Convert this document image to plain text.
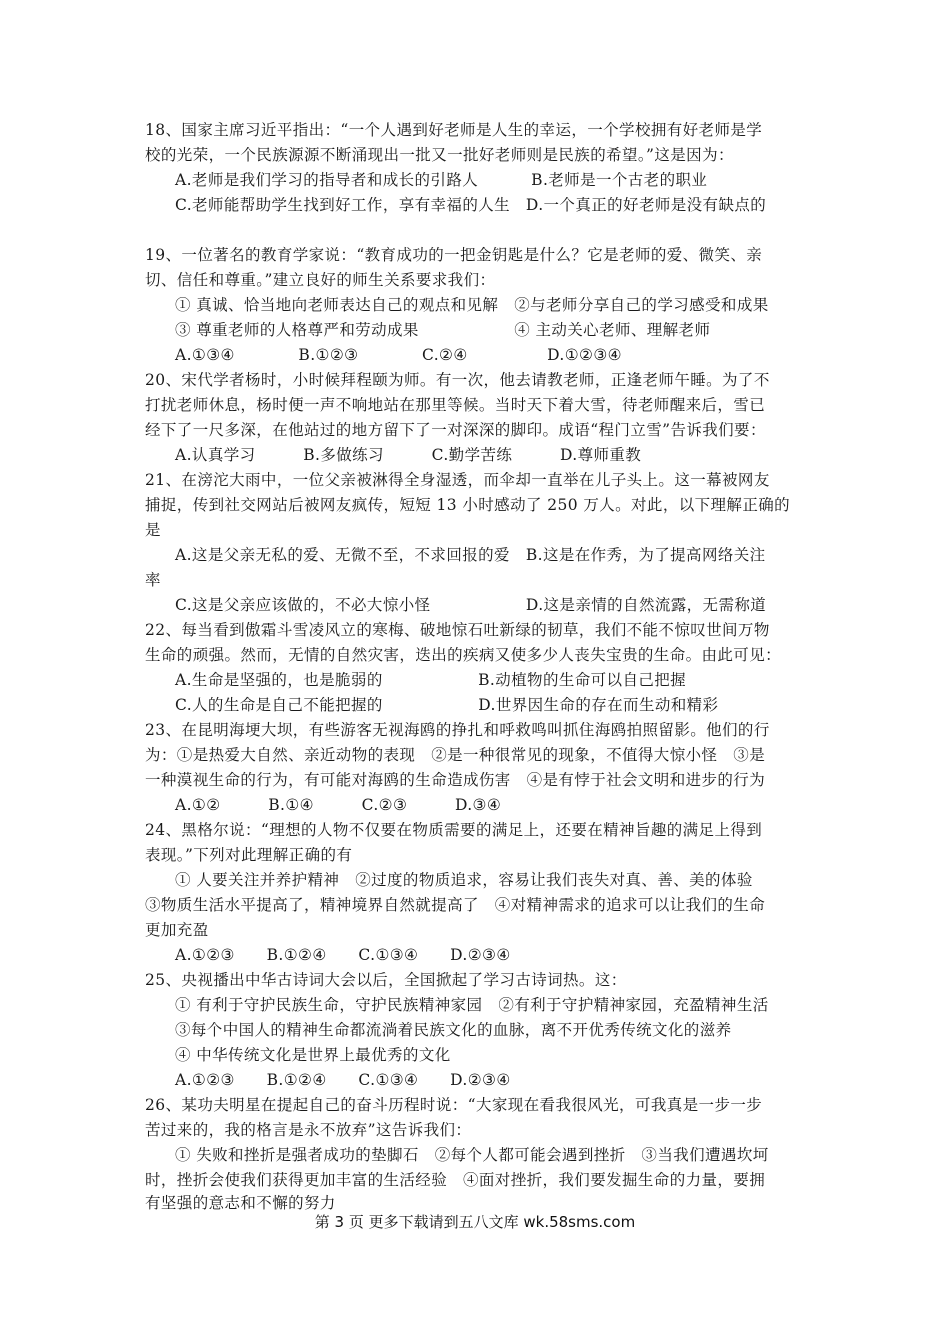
18、国家主席习近平指出：“一个人遇到好老师是人生的幸运，一个学校拥有好老师是学
校的光荣，一个民族源源不断涌现出一批又一批好老师则是民族的希望。”这是因为：
A.老师是我们学习的指导者和成长的引路人　　　 B.老师是一个古老的职业
C.老师能帮助学生找到好工作，享有幸福的人生　D.一个真正的好老师是没有缺点的
19、一位著名的教育学家说：“教育成功的一把金钥匙是什么？它是老师的爱、微笑、亲
切、信任和尊重。”建立良好的师生关系要求我们：
① 真诚、恰当地向老师表达自己的观点和见解　②与老师分享自己的学习感受和成果
③ 尊重老师的人格尊严和劳动成果　　　　　　④ 主动关心老师、理解老师
A.①③④　　　　B.①②③　　　　C.②④　　　　　D.①②③④
20、宋代学者杨时，小时候拜程颐为师。有一次，他去请教老师，正逢老师午睡。为了不
打扰老师休息，杨时便一声不响地站在那里等候。当时天下着大雪，待老师醒来后，雪已
经下了一尺多深，在他站过的地方留下了一对深深的脚印。成语“程门立雪”告诉我们要：
A.认真学习　　　B.多做练习　　　C.勤学苦练　　　D.尊师重教
21、在滂沱大雨中，一位父亲被淋得全身湿透，而伞却一直举在儿子头上。这一幕被网友
捕捉，传到社交网站后被网友疯传，短短 13 小时感动了 250 万人。对此，以下理解正确的
是
A.这是父亲无私的爱、无微不至，不求回报的爱　B.这是在作秀，为了提高网络关注
率
C.这是父亲应该做的，不必大惊小怪　　　　　　D.这是亲情的自然流露，无需称道
22、每当看到傲霜斗雪凌风立的寒梅、破地惊石吐新绿的韧草，我们不能不惊叹世间万物
生命的顽强。然而，无情的自然灾害，迭出的疾病又使多少人丧失宝贵的生命。由此可见：
A.生命是坚强的，也是脆弱的　　　　　　B.动植物的生命可以自己把握
C.人的生命是自己不能把握的　　　　　　D.世界因生命的存在而生动和精彩
23、在昆明海埂大坝，有些游客无视海鸥的挣扎和呼救鸣叫抓住海鸥拍照留影。他们的行
为：①是热爱大自然、亲近动物的表现　②是一种很常见的现象，不值得大惊小怪　③是
一种漠视生命的行为，有可能对海鸥的生命造成伤害　④是有悖于社会文明和进步的行为
A.①②　　　B.①④　　　C.②③　　　D.③④
24、黑格尔说：“理想的人物不仅要在物质需要的满足上，还要在精神旨趣的满足上得到
表现。”下列对此理解正确的有
① 人要关注并养护精神　②过度的物质追求，容易让我们丧失对真、善、美的体验
③物质生活水平提高了，精神境界自然就提高了　④对精神需求的追求可以让我们的生命
更加充盈
A.①②③　　B.①②④　　C.①③④　　D.②③④
25、央视播出中华古诗词大会以后，全国掀起了学习古诗词热。这：
① 有利于守护民族生命，守护民族精神家园　②有利于守护精神家园，充盈精神生活
③每个中国人的精神生命都流淌着民族文化的血脉，离不开优秀传统文化的滋养
④ 中华传统文化是世界上最优秀的文化
A.①②③　　B.①②④　　C.①③④　　D.②③④
26、某功夫明星在提起自己的奋斗历程时说：“大家现在看我很风光，可我真是一步一步
苦过来的，我的格言是永不放弃”这告诉我们：
① 失败和挫折是强者成功的垫脚石　②每个人都可能会遇到挫折　③当我们遭遇坎坷
时，挫折会使我们获得更加丰富的生活经验　④面对挫折，我们要发掘生命的力量，要拥
有坚强的意志和不懈的努力
第 3 页 更多下载请到五八文库 wk.58sms.com
